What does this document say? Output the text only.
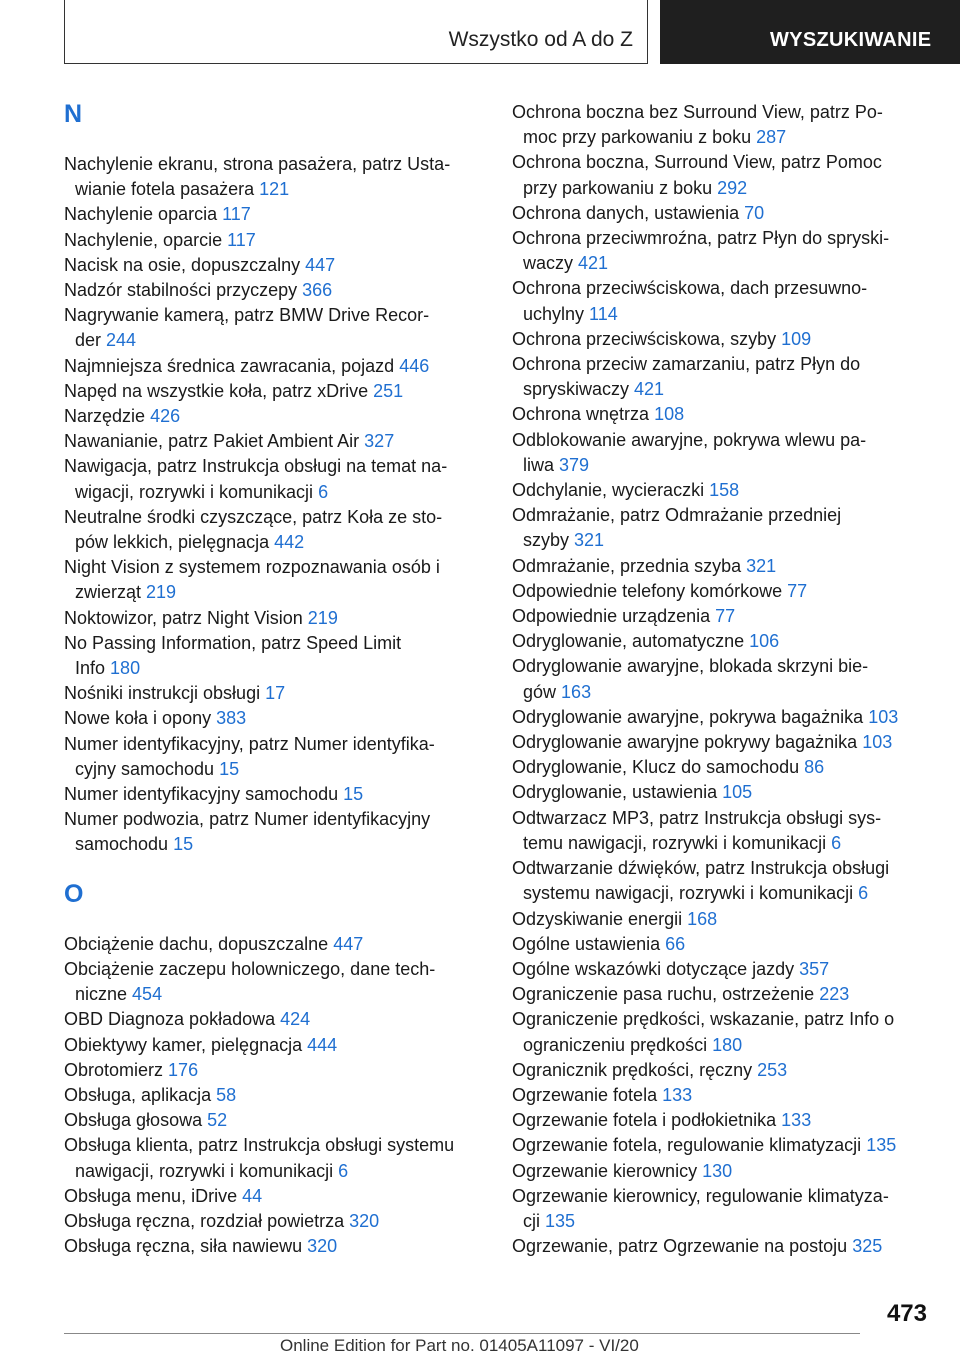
Wszystko od A do Z	WYSZUKIWANIE
N
Nachylenie ekranu, strona pasażera, patrz Usta-
wianie fotela pasażera 121
Nachylenie oparcia 117
Nachylenie, oparcie 117
Nacisk na osie, dopuszczalny 447
Nadzór stabilności przyczepy 366
Nagrywanie kamerą, patrz BMW Drive Recor-
der 244
Najmniejsza średnica zawracania, pojazd 446
Napęd na wszystkie koła, patrz xDrive 251
Narzędzie 426
Nawanianie, patrz Pakiet Ambient Air 327
Nawigacja, patrz Instrukcja obsługi na temat na-
wigacji, rozrywki i komunikacji 6
Neutralne środki czyszczące, patrz Koła ze sto-
pów lekkich, pielęgnacja 442
Night Vision z systemem rozpoznawania osób i
zwierząt 219
Noktowizor, patrz Night Vision 219
No Passing Information, patrz Speed Limit
Info 180
Nośniki instrukcji obsługi 17
Nowe koła i opony 383
Numer identyfikacyjny, patrz Numer identyfika-
cyjny samochodu 15
Numer identyfikacyjny samochodu 15
Numer podwozia, patrz Numer identyfikacyjny
samochodu 15
O
Obciążenie dachu, dopuszczalne 447
Obciążenie zaczepu holowniczego, dane tech-
niczne 454
OBD Diagnoza pokładowa 424
Obiektywy kamer, pielęgnacja 444
Obrotomierz 176
Obsługa, aplikacja 58
Obsługa głosowa 52
Obsługa klienta, patrz Instrukcja obsługi systemu
nawigacji, rozrywki i komunikacji 6
Obsługa menu, iDrive 44
Obsługa ręczna, rozdział powietrza 320
Obsługa ręczna, siła nawiewu 320
Ochrona boczna bez Surround View, patrz Po-
moc przy parkowaniu z boku 287
Ochrona boczna, Surround View, patrz Pomoc
przy parkowaniu z boku 292
Ochrona danych, ustawienia 70
Ochrona przeciwmroźna, patrz Płyn do spryski-
waczy 421
Ochrona przeciwściskowa, dach przesuwno-
uchylny 114
Ochrona przeciwściskowa, szyby 109
Ochrona przeciw zamarzaniu, patrz Płyn do
spryskiwaczy 421
Ochrona wnętrza 108
Odblokowanie awaryjne, pokrywa wlewu pa-
liwa 379
Odchylanie, wycieraczki 158
Odmrażanie, patrz Odmrażanie przedniej
szyby 321
Odmrażanie, przednia szyba 321
Odpowiednie telefony komórkowe 77
Odpowiednie urządzenia 77
Odryglowanie, automatyczne 106
Odryglowanie awaryjne, blokada skrzyni bie-
gów 163
Odryglowanie awaryjne, pokrywa bagażnika 103
Odryglowanie awaryjne pokrywy bagażnika 103
Odryglowanie, Klucz do samochodu 86
Odryglowanie, ustawienia 105
Odtwarzacz MP3, patrz Instrukcja obsługi sys-
temu nawigacji, rozrywki i komunikacji 6
Odtwarzanie dźwięków, patrz Instrukcja obsługi
systemu nawigacji, rozrywki i komunikacji 6
Odzyskiwanie energii 168
Ogólne ustawienia 66
Ogólne wskazówki dotyczące jazdy 357
Ograniczenie pasa ruchu, ostrzeżenie 223
Ograniczenie prędkości, wskazanie, patrz Info o
ograniczeniu prędkości 180
Ogranicznik prędkości, ręczny 253
Ogrzewanie fotela 133
Ogrzewanie fotela i podłokietnika 133
Ogrzewanie fotela, regulowanie klimatyzacji 135
Ogrzewanie kierownicy 130
Ogrzewanie kierownicy, regulowanie klimatyza-
cji 135
Ogrzewanie, patrz Ogrzewanie na postoju 325
473
Online Edition for Part no. 01405A11097 - VI/20
